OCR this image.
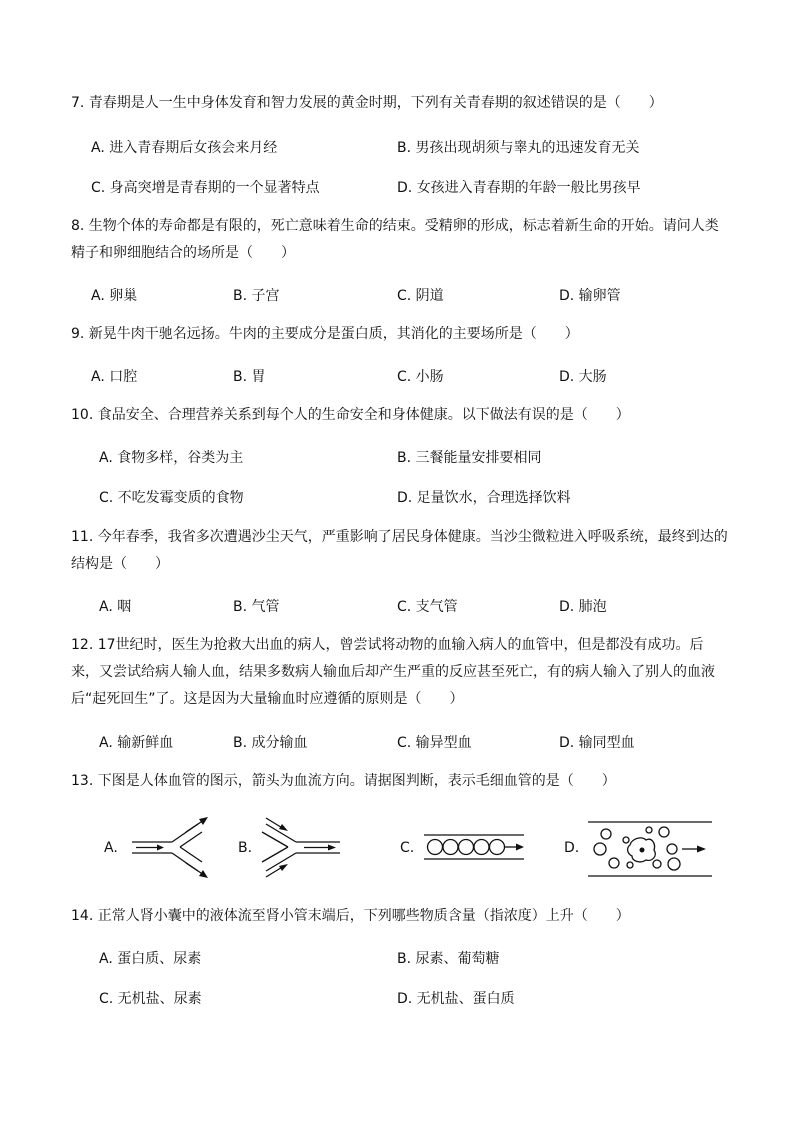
7. 青春期是人一生中身体发育和智力发展的黄金时期，下列有关青春期的叙述错误的是（　　）
A. 进入青春期后女孩会来月经	B. 男孩出现胡须与睾丸的迅速发育无关
C. 身高突增是青春期的一个显著特点	D. 女孩进入青春期的年龄一般比男孩早
8. 生物个体的寿命都是有限的，死亡意味着生命的结束。受精卵的形成，标志着新生命的开始。请问人类精子和卵细胞结合的场所是（　　）
A. 卵巢	B. 子宫	C. 阴道	D. 输卵管
9. 新晃牛肉干驰名远扬。牛肉的主要成分是蛋白质，其消化的主要场所是（　　）
A. 口腔	B. 胃	C. 小肠	D. 大肠
10. 食品安全、合理营养关系到每个人的生命安全和身体健康。以下做法有误的是（　　）
A. 食物多样，谷类为主	B. 三餐能量安排要相同
C. 不吃发霉变质的食物	D. 足量饮水，合理选择饮料
11. 今年春季，我省多次遭遇沙尘天气，严重影响了居民身体健康。当沙尘微粒进入呼吸系统，最终到达的结构是（　　）
A. 咽	B. 气管	C. 支气管	D. 肺泡
12. 17世纪时，医生为抢救大出血的病人，曾尝试将动物的血输入病人的血管中，但是都没有成功。后来，又尝试给病人输人血，结果多数病人输血后却产生严重的反应甚至死亡，有的病人输入了别人的血液后“起死回生”了。这是因为大量输血时应遵循的原则是（　　）
A. 输新鲜血	B. 成分输血	C. 输异型血	D. 输同型血
13. 下图是人体血管的图示，箭头为血流方向。请据图判断，表示毛细血管的是（　　）
A.	B.	C.	D.
14. 正常人肾小囊中的液体流至肾小管末端后，下列哪些物质含量（指浓度）上升（　　）
A. 蛋白质、尿素	B. 尿素、葡萄糖
C. 无机盐、尿素	D. 无机盐、蛋白质
